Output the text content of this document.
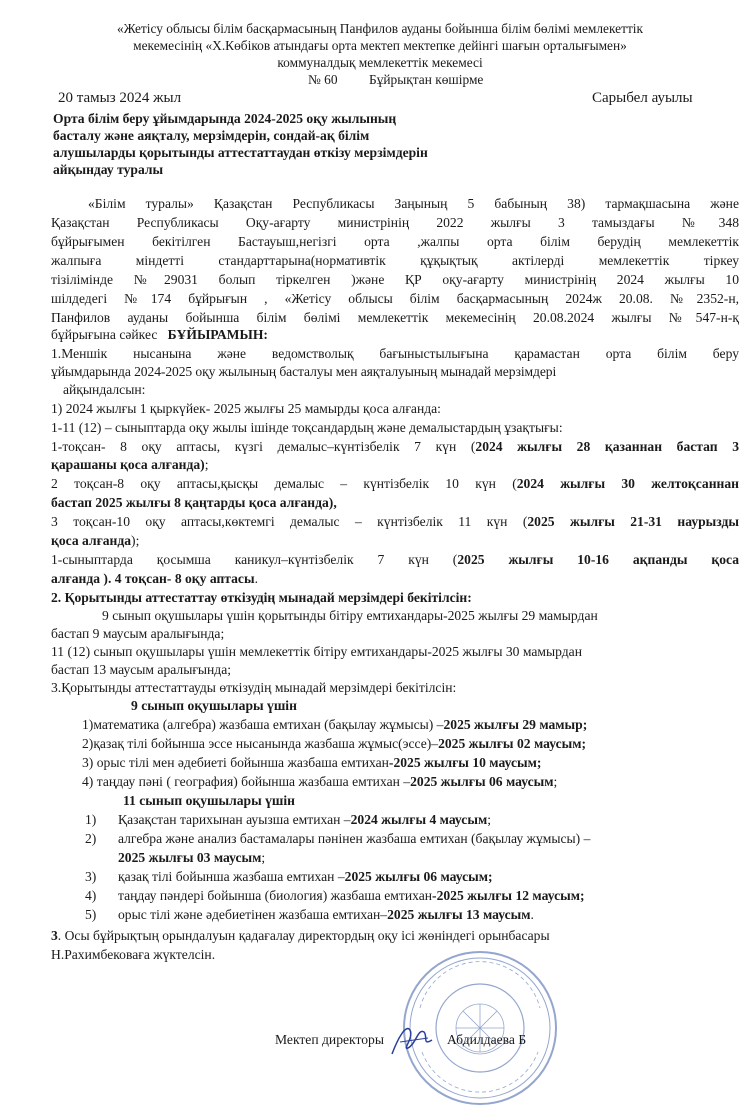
«Жетісу облысы білім басқармасының Панфилов ауданы бойынша білім бөлімі мемлекеттік
мекемесінің «Х.Көбіков атындағы орта мектеп мектепке дейінгі шағын орталығымен»
коммуналдық мемлекеттік мекемесі
№ 60 Бұйрықтан көшірме
20 тамыз 2024 жыл	Сарыбел ауылы
Орта білім беру ұйымдарында 2024-2025 оқу жылының
басталу және аяқталу, мерзімдерін, сондай-ақ білім
алушыларды қорытынды аттестаттаудан өткізу мерзімдерін
айқындау туралы
«Білім туралы» Қазақстан Республикасы Заңының 5 бабының 38) тармақшасына және
Қазақстан Республикасы Оқу-ағарту министрінің 2022 жылғы 3 тамыздағы №348
бұйрығымен бекітілген Бастауыш,негізгі орта ,жалпы орта білім берудің мемлекеттік
жалпыға міндетті стандарттарына(нормативтік құқықтық актілерді мемлекеттік тіркеу
тізілімінде №29031 болып тіркелген )және ҚР оқу-ағарту министрінің 2024 жылғы 10
шілдедегі №174 бұйрығын , «Жетісу облысы білім басқармасының 2024ж 20.08. №2352-н,
Панфилов ауданы бойынша білім бөлімі мемлекеттік мекемесінің 20.08.2024 жылғы №547-н-қ
бұйрығына сәйкес БҰЙЫРАМЫН:
1.Меншік нысанына және ведомстволық бағыныстылығына қарамастан орта білім беру
ұйымдарында 2024-2025 оқу жылының басталуы мен аяқталуының мынадай мерзімдері
айқындалсын:
1) 2024 жылғы 1 қыркүйек- 2025 жылғы 25 мамырды қоса алғанда:
1-11 (12) – сыныптарда оқу жылы ішінде тоқсандардың және демалыстардың ұзақтығы:
1-тоқсан- 8 оқу аптасы, күзгі демалыс–күнтізбелік 7 күн (2024 жылғы 28 қазаннан бастап 3
қарашаны қоса алғанда);
2 тоқсан-8 оқу аптасы,қысқы демалыс – күнтізбелік 10 күн (2024 жылғы 30 желтоқсаннан
бастап 2025 жылғы 8 қаңтарды қоса алғанда),
3 тоқсан-10 оқу аптасы,көктемгі демалыс – күнтізбелік 11 күн (2025 жылғы 21-31 наурызды
қоса алғанда);
1-сыныптарда қосымша каникул–күнтізбелік 7 күн (2025 жылғы 10-16 ақпанды қоса
алғанда ). 4 тоқсан- 8 оқу аптасы.
2. Қорытынды аттестаттау өткізудің мынадай мерзімдері бекітілсін:
9 сынып оқушылары үшін қорытынды бітіру емтихандары-2025 жылғы 29 мамырдан
бастап 9 маусым аралығында;
11 (12) сынып оқушылары үшін мемлекеттік бітіру емтихандары-2025 жылғы 30 мамырдан
бастап 13 маусым аралығында;
3.Қорытынды аттестаттауды өткізудің мынадай мерзімдері бекітілсін:
9 сынып оқушылары үшін
1)математика (алгебра) жазбаша емтихан (бақылау жұмысы) –2025 жылғы 29 мамыр;
2)қазақ тілі бойынша эссе нысанында жазбаша жұмыс(эссе)–2025 жылғы 02 маусым;
3) орыс тілі мен әдебиеті бойынша жазбаша емтихан-2025 жылғы 10 маусым;
4) таңдау пәні ( география) бойынша жазбаша емтихан –2025 жылғы 06 маусым;
11 сынып оқушылары үшін
1) Қазақстан тарихынан ауызша емтихан –2024 жылғы 4 маусым;
2) алгебра және анализ бастамалары пәнінен жазбаша емтихан (бақылау жұмысы) –
2025 жылғы 03 маусым;
3) қазақ тілі бойынша жазбаша емтихан –2025 жылғы 06 маусым;
4) таңдау пәндері бойынша (биология) жазбаша емтихан-2025 жылғы 12 маусым;
5) орыс тілі және әдебиетінен жазбаша емтихан–2025 жылғы 13 маусым.
3. Осы бұйрықтың орындалуын қадағалау директордың оқу ісі жөніндегі орынбасары
Н.Рахимбековаға жүктелсін.
Мектеп директоры	Абдилдаева Б
